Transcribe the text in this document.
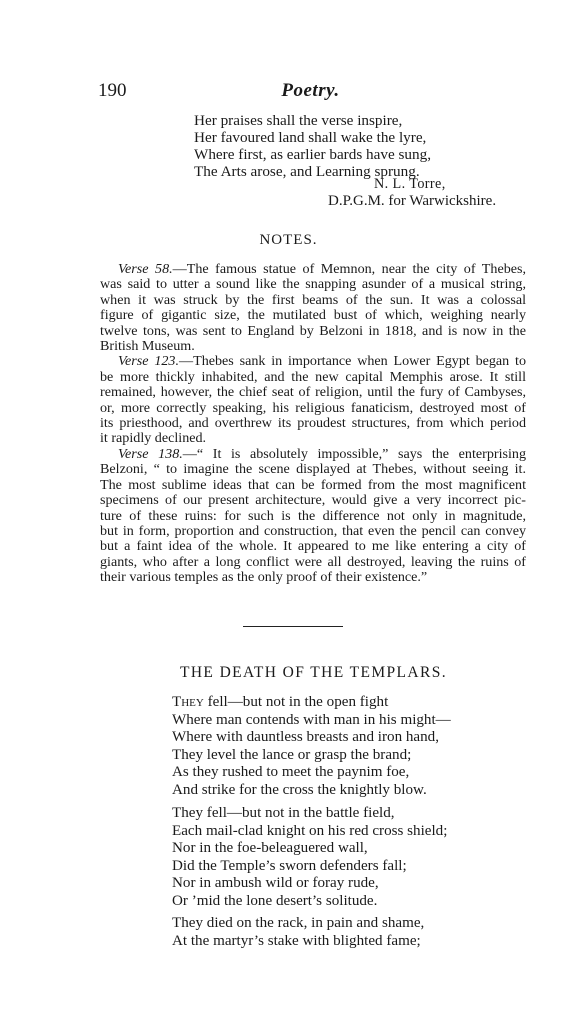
190	Poetry.
Her praises shall the verse inspire,
Her favoured land shall wake the lyre,
Where first, as earlier bards have sung,
The Arts arose, and Learning sprung.
N. L. Torre,
D.P.G.M. for Warwickshire.
NOTES.
Verse 58.—The famous statue of Memnon, near the city of Thebes,
was said to utter a sound like the snapping asunder of a musical string,
when it was struck by the first beams of the sun. It was a colossal
figure of gigantic size, the mutilated bust of which, weighing nearly
twelve tons, was sent to England by Belzoni in 1818, and is now in the
British Museum.
Verse 123.—Thebes sank in importance when Lower Egypt began to
be more thickly inhabited, and the new capital Memphis arose. It still
remained, however, the chief seat of religion, until the fury of Cambyses,
or, more correctly speaking, his religious fanaticism, destroyed most of
its priesthood, and overthrew its proudest structures, from which period
it rapidly declined.
Verse 138.—“ It is absolutely impossible,” says the enterprising
Belzoni, “ to imagine the scene displayed at Thebes, without seeing it.
The most sublime ideas that can be formed from the most magnificent
specimens of our present architecture, would give a very incorrect pic-
ture of these ruins: for such is the difference not only in magnitude,
but in form, proportion and construction, that even the pencil can convey
but a faint idea of the whole. It appeared to me like entering a city of
giants, who after a long conflict were all destroyed, leaving the ruins of
their various temples as the only proof of their existence.”
THE DEATH OF THE TEMPLARS.
They fell—but not in the open fight
Where man contends with man in his might—
Where with dauntless breasts and iron hand,
They level the lance or grasp the brand;
As they rushed to meet the paynim foe,
And strike for the cross the knightly blow.
They fell—but not in the battle field,
Each mail-clad knight on his red cross shield;
Nor in the foe-beleaguered wall,
Did the Temple’s sworn defenders fall;
Nor in ambush wild or foray rude,
Or ’mid the lone desert’s solitude.
They died on the rack, in pain and shame,
At the martyr’s stake with blighted fame;
